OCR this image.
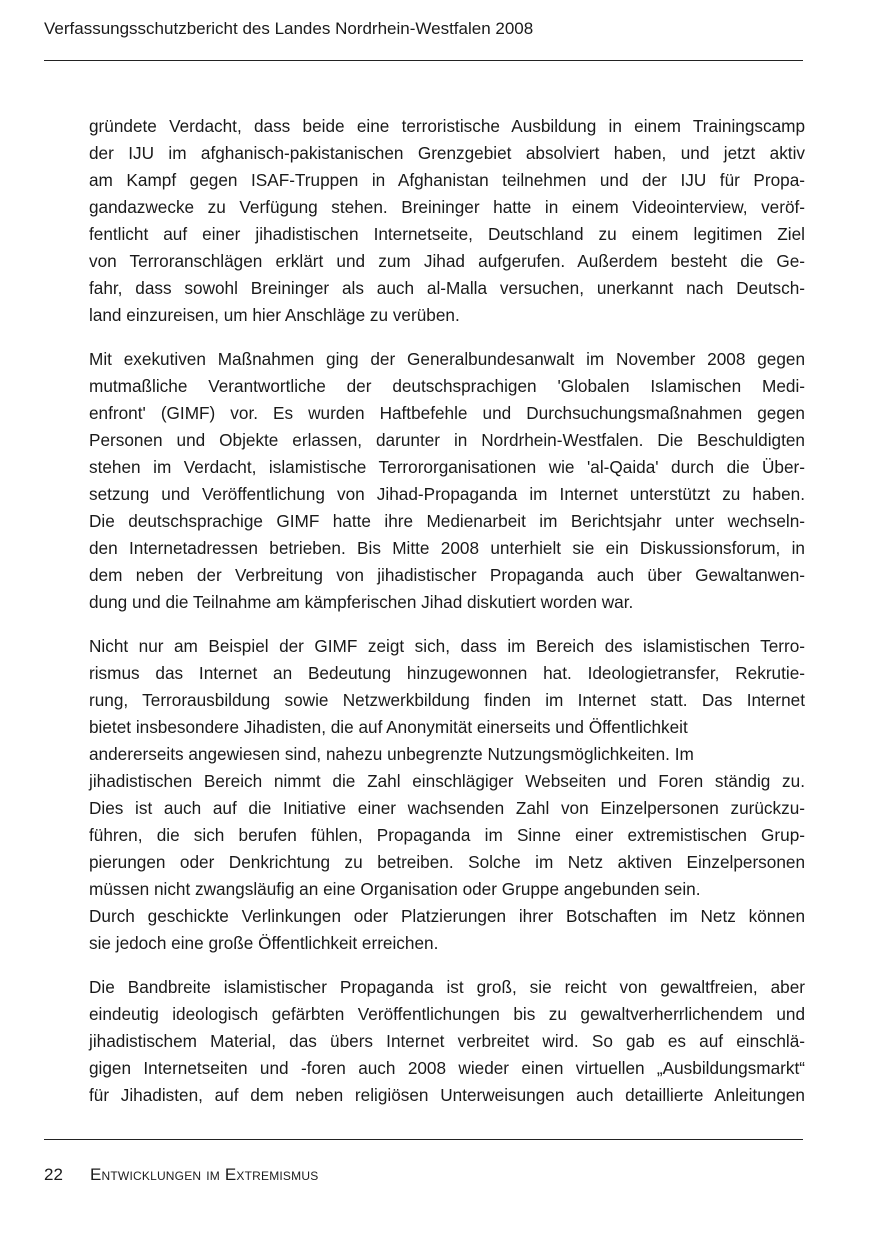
Verfassungsschutzbericht des Landes Nordrhein-Westfalen 2008
gründete Verdacht, dass beide eine terroristische Ausbildung in einem Trainingscamp
der IJU im afghanisch-pakistanischen Grenzgebiet absolviert haben, und jetzt aktiv
am Kampf gegen ISAF-Truppen in Afghanistan teilnehmen und der IJU für Propa-
gandazwecke zu Verfügung stehen. Breininger hatte in einem Videointerview, veröf-
fentlicht auf einer jihadistischen Internetseite, Deutschland zu einem legitimen Ziel
von Terroranschlägen erklärt und zum Jihad aufgerufen. Außerdem besteht die Ge-
fahr, dass sowohl Breininger als auch al-Malla versuchen, unerkannt nach Deutsch-
land einzureisen, um hier Anschläge zu verüben.
Mit exekutiven Maßnahmen ging der Generalbundesanwalt im November 2008 gegen
mutmaßliche Verantwortliche der deutschsprachigen 'Globalen Islamischen Medi-
enfront' (GIMF) vor. Es wurden Haftbefehle und Durchsuchungsmaßnahmen gegen
Personen und Objekte erlassen, darunter in Nordrhein-Westfalen. Die Beschuldigten
stehen im Verdacht, islamistische Terrororganisationen wie 'al-Qaida' durch die Über-
setzung und Veröffentlichung von Jihad-Propaganda im Internet unterstützt zu haben.
Die deutschsprachige GIMF hatte ihre Medienarbeit im Berichtsjahr unter wechseln-
den Internetadressen betrieben. Bis Mitte 2008 unterhielt sie ein Diskussionsforum, in
dem neben der Verbreitung von jihadistischer Propaganda auch über Gewaltanwen-
dung und die Teilnahme am kämpferischen Jihad diskutiert worden war.
Nicht nur am Beispiel der GIMF zeigt sich, dass im Bereich des islamistischen Terro-
rismus das Internet an Bedeutung hinzugewonnen hat. Ideologietransfer, Rekrutie-
rung, Terrorausbildung sowie Netzwerkbildung finden im Internet statt. Das Internet
bietet insbesondere Jihadisten, die auf Anonymität einerseits und Öffentlichkeit
andererseits angewiesen sind, nahezu unbegrenzte Nutzungsmöglichkeiten. Im
jihadistischen Bereich nimmt die Zahl einschlägiger Webseiten und Foren ständig zu.
Dies ist auch auf die Initiative einer wachsenden Zahl von Einzelpersonen zurückzu-
führen, die sich berufen fühlen, Propaganda im Sinne einer extremistischen Grup-
pierungen oder Denkrichtung zu betreiben. Solche im Netz aktiven Einzelpersonen
müssen nicht zwangsläufig an eine Organisation oder Gruppe angebunden sein.
Durch geschickte Verlinkungen oder Platzierungen ihrer Botschaften im Netz können
sie jedoch eine große Öffentlichkeit erreichen.
Die Bandbreite islamistischer Propaganda ist groß, sie reicht von gewaltfreien, aber
eindeutig ideologisch gefärbten Veröffentlichungen bis zu gewaltverherrlichendem und
jihadistischem Material, das übers Internet verbreitet wird. So gab es auf einschlä-
gigen Internetseiten und -foren auch 2008 wieder einen virtuellen „Ausbildungsmarkt“
für Jihadisten, auf dem neben religiösen Unterweisungen auch detaillierte Anleitungen
22 Entwicklungen im Extremismus
